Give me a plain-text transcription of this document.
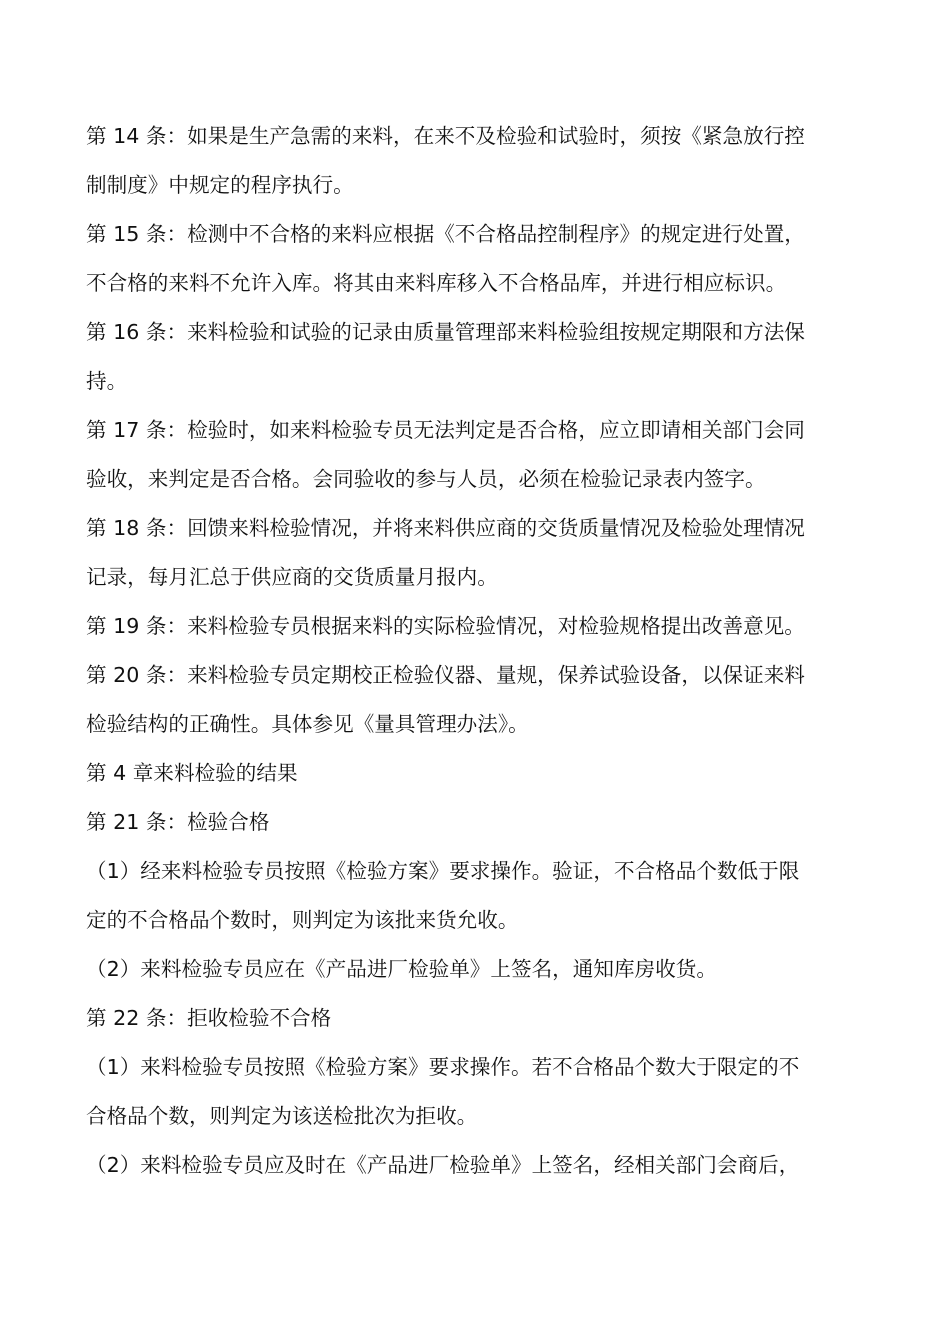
第 14 条：如果是生产急需的来料，在来不及检验和试验时，须按《紧急放行控
制制度》中规定的程序执行。

第 15 条：检测中不合格的来料应根据《不合格品控制程序》的规定进行处置，
不合格的来料不允许入库。将其由来料库移入不合格品库，并进行相应标识。

第 16 条：来料检验和试验的记录由质量管理部来料检验组按规定期限和方法保
持。

第 17 条：检验时，如来料检验专员无法判定是否合格，应立即请相关部门会同
验收，来判定是否合格。会同验收的参与人员，必须在检验记录表内签字。

第 18 条：回馈来料检验情况，并将来料供应商的交货质量情况及检验处理情况
记录，每月汇总于供应商的交货质量月报内。

第 19 条：来料检验专员根据来料的实际检验情况，对检验规格提出改善意见。

第 20 条：来料检验专员定期校正检验仪器、量规，保养试验设备，以保证来料
检验结构的正确性。具体参见《量具管理办法》。

第 4 章来料检验的结果

第 21 条：检验合格

（1）经来料检验专员按照《检验方案》要求操作。验证，不合格品个数低于限
定的不合格品个数时，则判定为该批来货允收。

（2）来料检验专员应在《产品进厂检验单》上签名，通知库房收货。

第 22 条：拒收检验不合格

（1）来料检验专员按照《检验方案》要求操作。若不合格品个数大于限定的不
合格品个数，则判定为该送检批次为拒收。

（2）来料检验专员应及时在《产品进厂检验单》上签名，经相关部门会商后，
